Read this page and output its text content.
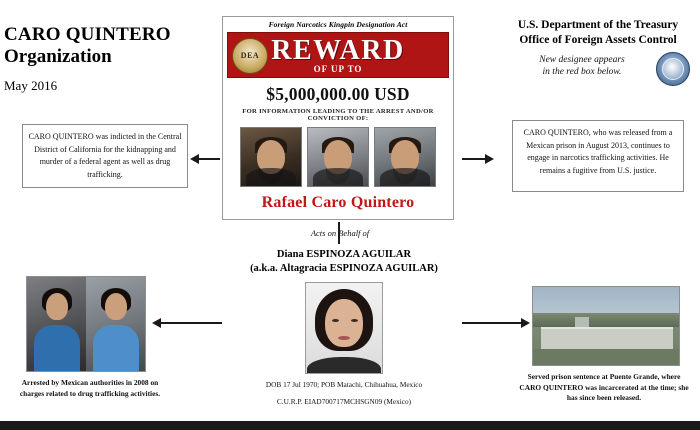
CARO QUINTERO
Organization
May 2016
U.S. Department of the Treasury
Office of Foreign Assets Control
New designee appears
in the red box below.
Foreign Narcotics Kingpin Designation Act
DEA REWARD
OF UP TO
$5,000,000.00 USD
FOR INFORMATION LEADING TO THE ARREST AND/OR CONVICTION OF:
Rafael Caro Quintero
CARO QUINTERO was indicted in the Central District of California for the kidnapping and murder of a federal agent as well as drug trafficking.
CARO QUINTERO, who was released from a Mexican prison in August 2013, continues to engage in narcotics trafficking activities. He remains a fugitive from U.S. justice.
Acts on Behalf of
Diana ESPINOZA AGUILAR
(a.k.a. Altagracia ESPINOZA AGUILAR)
DOB 17 Jul 1970; POB Matachi, Chihuahua, Mexico
C.U.R.P. EIAD700717MCHSGN09 (Mexico)
Arrested by Mexican authorities in 2008 on charges related to drug trafficking activities.
Served prison sentence at Puente Grande, where CARO QUINTERO was incarcerated at the time; she has since been released.
